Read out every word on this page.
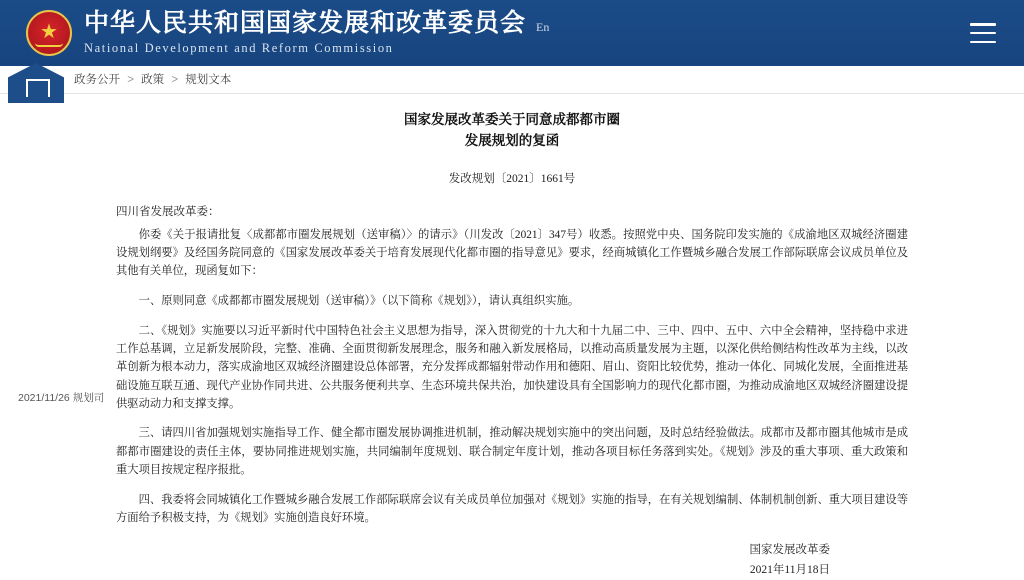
★
中华人民共和国国家发展和改革委员会
National Development and Reform Commission
En
政务公开 > 政策 > 规划文本
国家发展改革委关于同意成都都市圈
发展规划的复函
发改规划〔2021〕1661号
四川省发展改革委：

你委《关于报请批复〈成都都市圈发展规划（送审稿）〉的请示》（川发改〔2021〕347号）收悉。按照党中央、国务院印发实施的《成渝地区双城经济圈建设规划纲要》及经国务院同意的《国家发展改革委关于培育发展现代化都市圈的指导意见》要求，经商城镇化工作暨城乡融合发展工作部际联席会议成员单位及其他有关单位，现函复如下：

一、原则同意《成都都市圈发展规划（送审稿）》（以下简称《规划》），请认真组织实施。

二、《规划》实施要以习近平新时代中国特色社会主义思想为指导，深入贯彻党的十九大和十九届二中、三中、四中、五中、六中全会精神，坚持稳中求进工作总基调，立足新发展阶段，完整、准确、全面贯彻新发展理念，服务和融入新发展格局，以推动高质量发展为主题，以深化供给侧结构性改革为主线，以改革创新为根本动力，落实成渝地区双城经济圈建设总体部署，充分发挥成都辐射带动作用和德阳、眉山、资阳比较优势，推动一体化、同城化发展，全面推进基础设施互联互通、现代产业协作同共进、公共服务便利共享、生态环境共保共治，加快建设具有全国影响力的现代化都市圈，为推动成渝地区双城经济圈建设提供驱动动力和支撑支撑。

三、请四川省加强规划实施指导工作、健全都市圈发展协调推进机制，推动解决规划实施中的突出问题，及时总结经验做法。成都市及都市圈其他城市是成都都市圈建设的责任主体，要协同推进规划实施，共同编制年度规划、联合制定年度计划，推动各项目标任务落到实处。《规划》涉及的重大事项、重大政策和重大项目按规定程序报批。

四、我委将会同城镇化工作暨城乡融合发展工作部际联席会议有关成员单位加强对《规划》实施的指导，在有关规划编制、体制机制创新、重大项目建设等方面给予积极支持，为《规划》实施创造良好环境。

国家发展改革委
2021年11月18日
2021/11/26 规划司
